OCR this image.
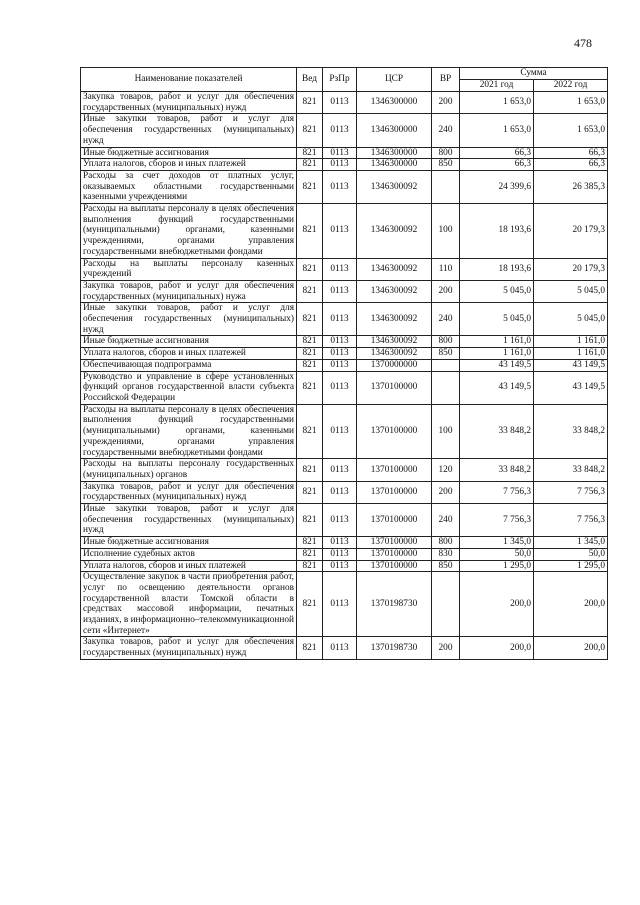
478
Наименование показателей	Вед	РзПр	ЦСР	ВР	Сумма	
					2021 год	2022 год
Закупка товаров, работ и услуг для обеспечения государственных (муниципальных) нужд	821	0113	1346300000	200	1 653,0	1 653,0
Иные закупки товаров, работ и услуг для обеспечения государственных (муниципальных) нужд	821	0113	1346300000	240	1 653,0	1 653,0
Иные бюджетные ассигнования	821	0113	1346300000	800	66,3	66,3
Уплата налогов, сборов и иных платежей	821	0113	1346300000	850	66,3	66,3
Расходы за счет доходов от платных услуг, оказываемых областными государственными казенными учреждениями	821	0113	1346300092		24 399,6	26 385,3
Расходы на выплаты персоналу в целях обеспечения выполнения функций государственными (муниципальными) органами, казенными учреждениями, органами управления государственными внебюджетными фондами	821	0113	1346300092	100	18 193,6	20 179,3
Расходы на выплаты персоналу казенных учреждений	821	0113	1346300092	110	18 193,6	20 179,3
Закупка товаров, работ и услуг для обеспечения государственных (муниципальных) нужа	821	0113	1346300092	200	5 045,0	5 045,0
Иные закупки товаров, работ и услуг для обеспечения государственных (муниципальных) нужд	821	0113	1346300092	240	5 045,0	5 045,0
Иные бюджетные ассигнования	821	0113	1346300092	800	1 161,0	1 161,0
Уплата налогов, сборов и иных платежей	821	0113	1346300092	850	1 161,0	1 161,0
Обеспечивающая подпрограмма	821	0113	1370000000		43 149,5	43 149,5
Руководство и управление в сфере установленных функций органов государственной власти субъекта Российской Федерации	821	0113	1370100000		43 149,5	43 149,5
Расходы на выплаты персоналу в целях обеспечения выполнения функций государственными (муниципальными) органами, казенными учреждениями, органами управления государственными внебюджетными фондами	821	0113	1370100000	100	33 848,2	33 848,2
Расходы на выплаты персоналу государственных (муниципальных) органов	821	0113	1370100000	120	33 848,2	33 848,2
Закупка товаров, работ и услуг для обеспечения государственных (муниципальных) нужд	821	0113	1370100000	200	7 756,3	7 756,3
Иные закупки товаров, работ и услуг для обеспечения государственных (муниципальных) нужд	821	0113	1370100000	240	7 756,3	7 756,3
Иные бюджетные ассигнования	821	0113	1370100000	800	1 345,0	1 345,0
Исполнение судебных актов	821	0113	1370100000	830	50,0	50,0
Уплата налогов, сборов и иных платежей	821	0113	1370100000	850	1 295,0	1 295,0
Осуществление закупок в части приобретения работ, услуг по освещению деятельности органов государственной власти Томской области в средствах массовой информации, печатных изданиях, в информационно–телекоммуникационной сети «Интернет»	821	0113	1370198730		200,0	200,0
Закупка товаров, работ и услуг для обеспечения государственных (муниципальных) нужд	821	0113	1370198730	200	200,0	200,0
